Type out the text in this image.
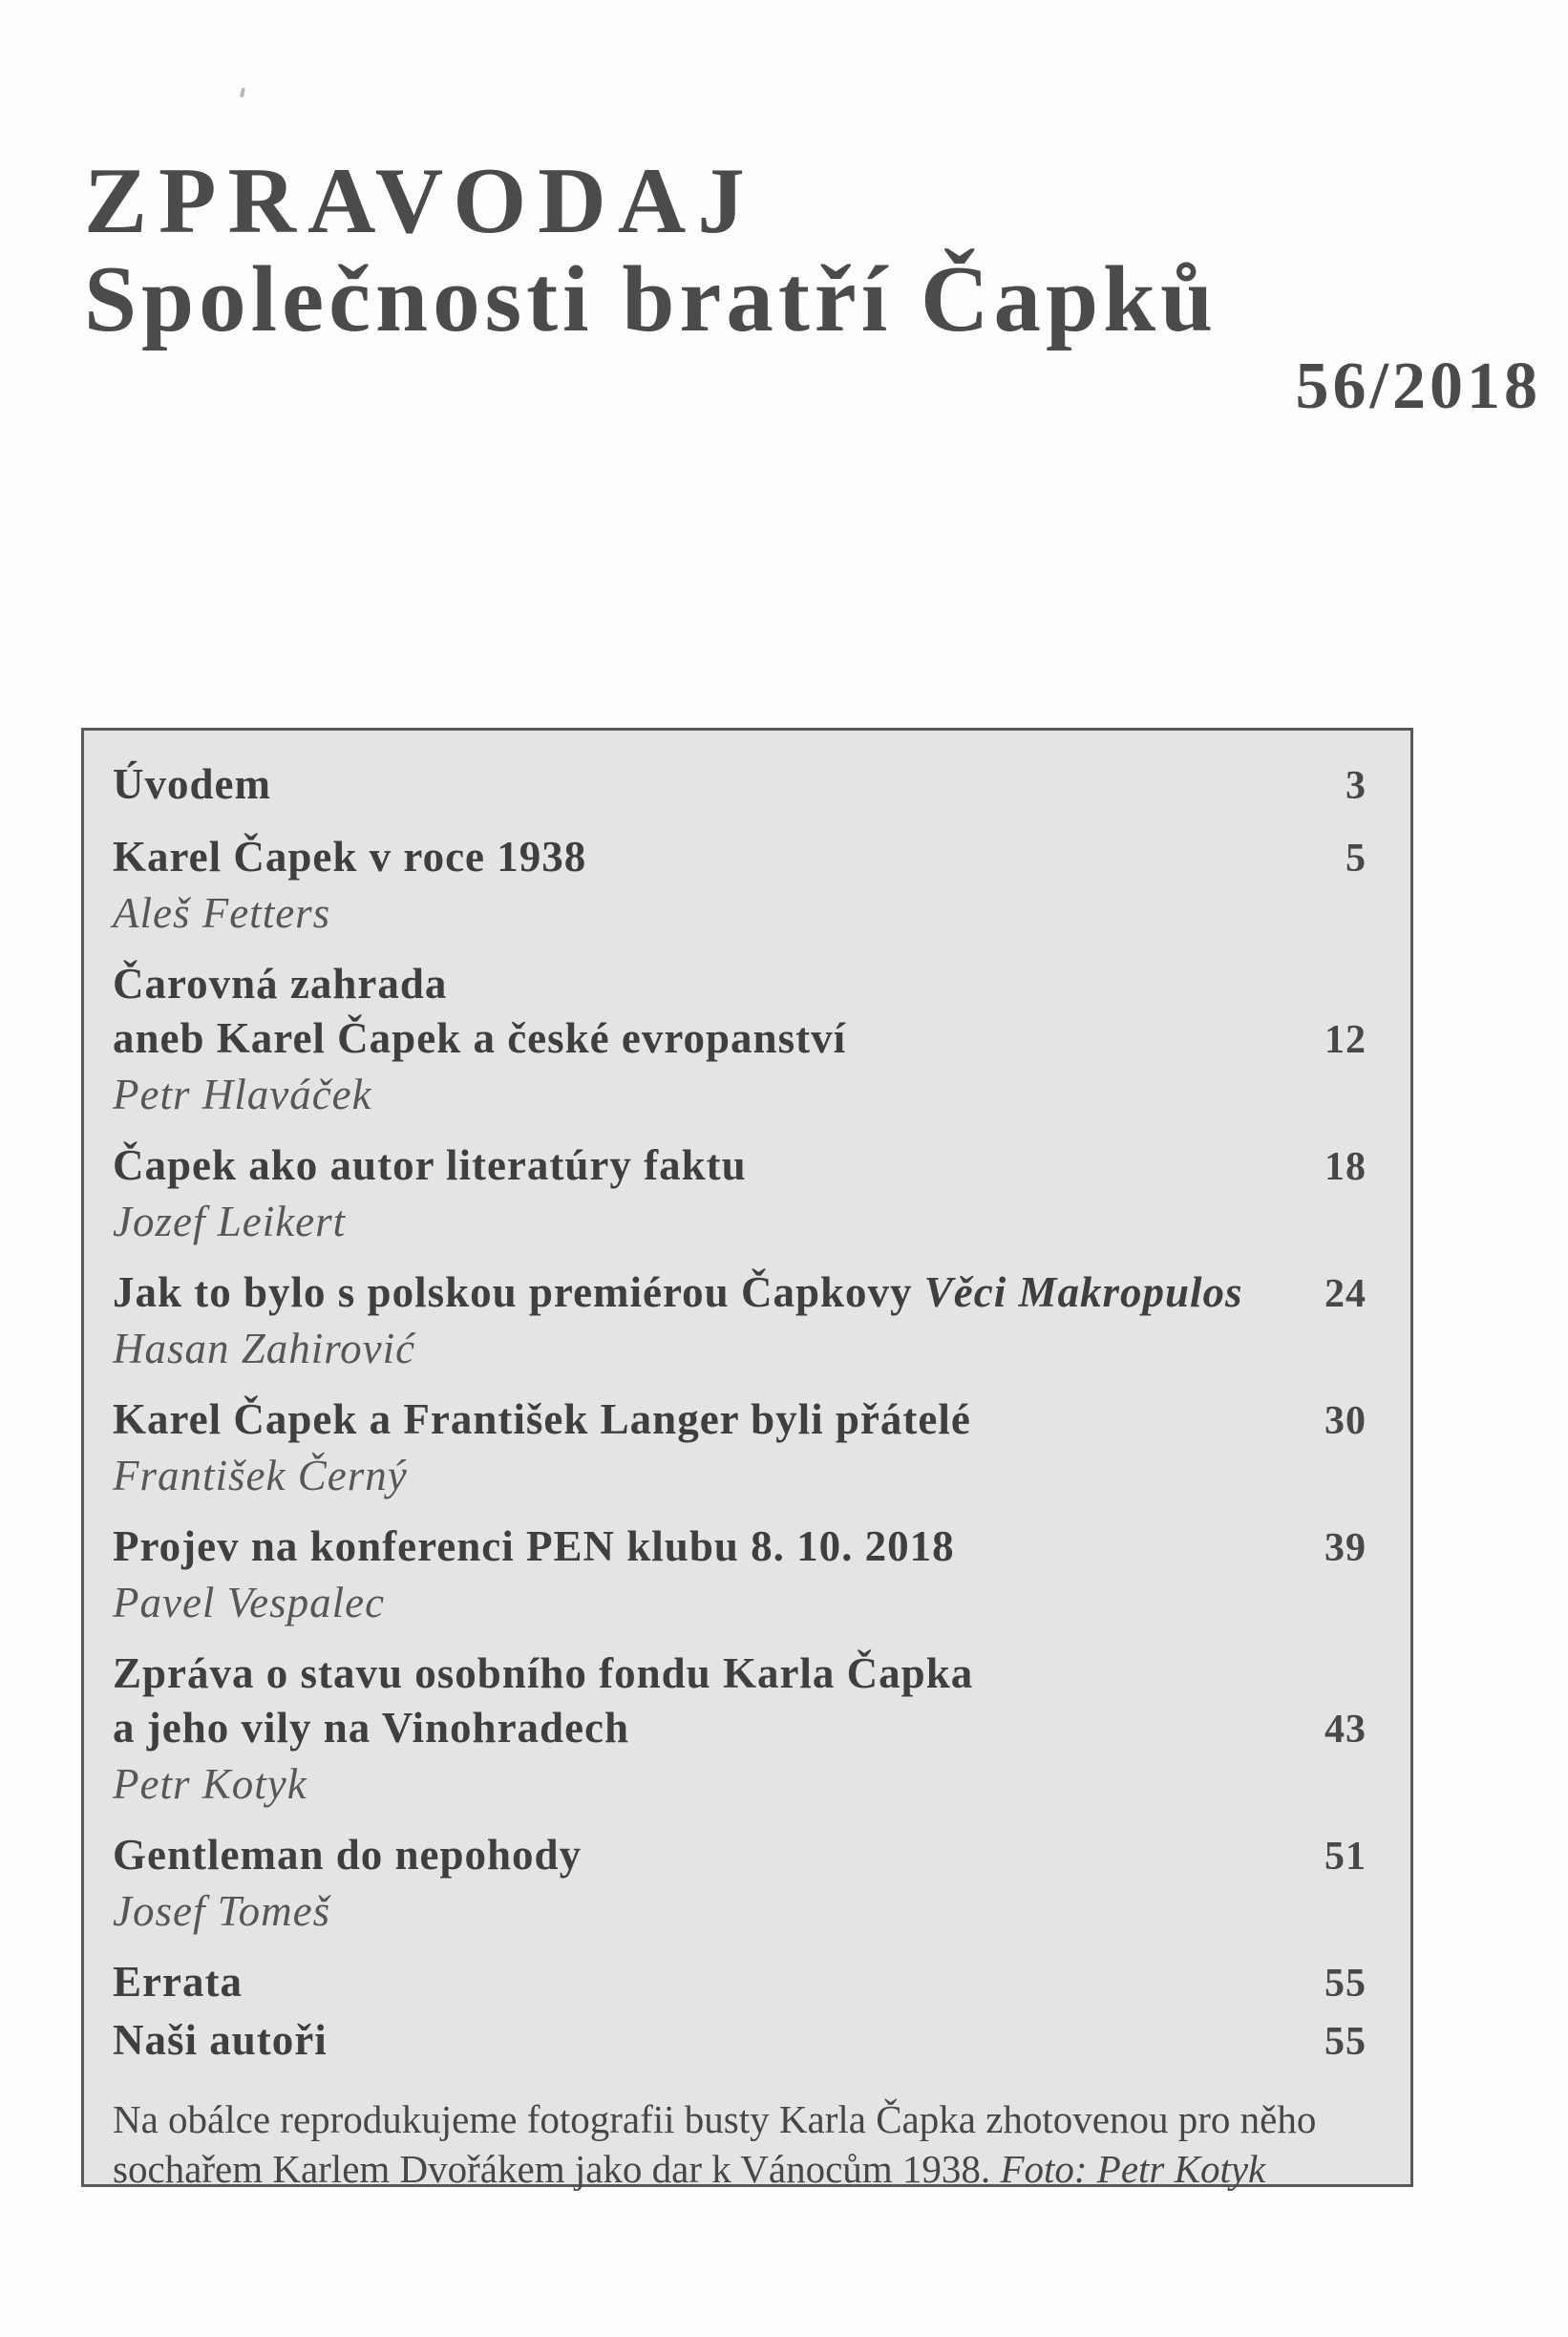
ZPRAVODAJ
Společnosti bratří Čapků
56/2018
Úvodem	3
Karel Čapek v roce 1938	5
Aleš Fetters
Čarovná zahrada
aneb Karel Čapek a české evropanství	12
Petr Hlaváček
Čapek ako autor literatúry faktu	18
Jozef Leikert
Jak to bylo s polskou premiérou Čapkovy Věci Makropulos	24
Hasan Zahirović
Karel Čapek a František Langer byli přátelé	30
František Černý
Projev na konferenci PEN klubu 8. 10. 2018	39
Pavel Vespalec
Zpráva o stavu osobního fondu Karla Čapka
a jeho vily na Vinohradech	43
Petr Kotyk
Gentleman do nepohody	51
Josef Tomeš
Errata	55
Naši autoři	55
Na obálce reprodukujeme fotografii busty Karla Čapka zhotovenou pro něho sochařem Karlem Dvořákem jako dar k Vánocům 1938. Foto: Petr Kotyk
